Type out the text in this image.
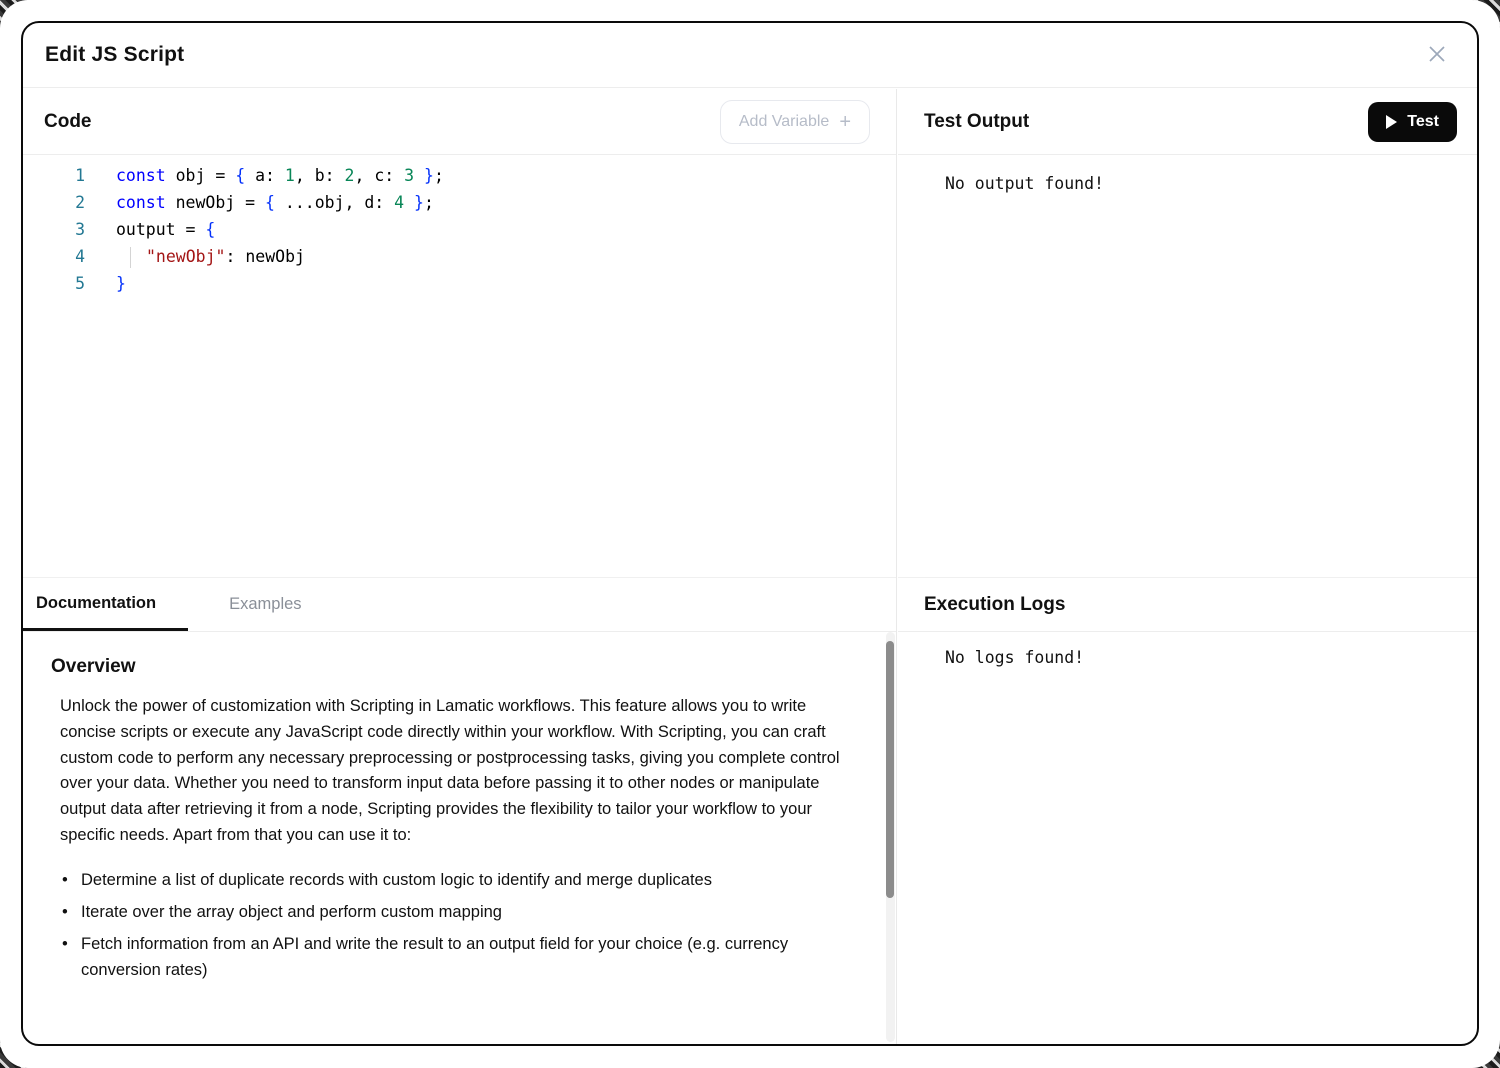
Edit JS Script
Code	Add Variable +
1 const obj = { a: 1, b: 2, c: 3 };
2 const newObj = { ...obj, d: 4 };
3 output = {
4	"newObj": newObj
5 }
Documentation	Examples
Overview

Unlock the power of customization with Scripting in Lamatic workflows. This feature allows you to write concise scripts or execute any JavaScript code directly within your workflow. With Scripting, you can craft custom code to perform any necessary preprocessing or postprocessing tasks, giving you complete control over your data. Whether you need to transform input data before passing it to other nodes or manipulate output data after retrieving it from a node, Scripting provides the flexibility to tailor your workflow to your specific needs. Apart from that you can use it to:

• Determine a list of duplicate records with custom logic to identify and merge duplicates
• Iterate over the array object and perform custom mapping
• Fetch information from an API and write the result to an output field for your choice (e.g. currency conversion rates)
Test Output	Test
No output found!
Execution Logs
No logs found!
